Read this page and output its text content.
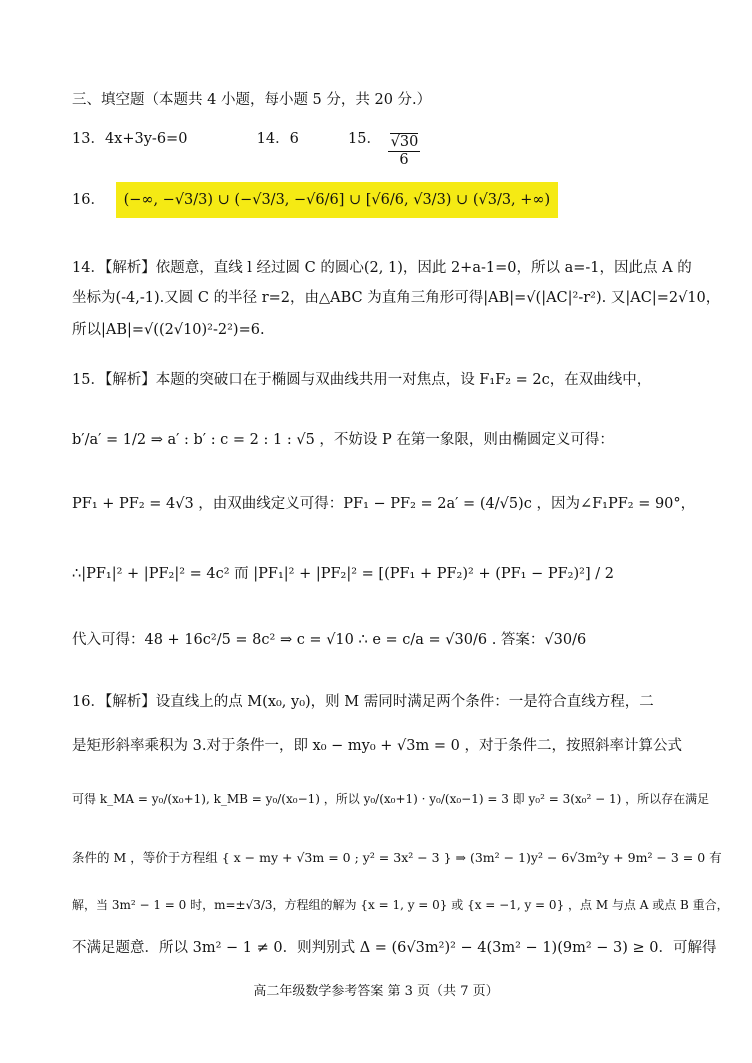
三、填空题（本题共 4 小题，每小题 5 分，共 20 分.）
13．4x+3y-6=0	14．6	15．
√ $\frac{30}{6}$
16． (−∞, −√3/3) ∪ (−√3/3, −√6/6] ∪ [√6/6, √3/3) ∪ (√3/3, +∞)
14．【解析】依题意，直线 l 经过圆 C 的圆心(2, 1)，因此 2+a-1=0，所以 a=-1，因此点 A 的
坐标为(-4,-1).又圆 C 的半径 r=2，由△ABC 为直角三角形可得|AB|=√(|AC|²-r²). 又|AC|=2√10，
所以|AB|=√((2√10)²-2²)=6.
15．【解析】本题的突破口在于椭圆与双曲线共用一对焦点，设 F₁F₂ = 2c，在双曲线中，
b′/a′ = 1/2 ⇒ a′ : b′ : c = 2 : 1 : √5 ，不妨设 P 在第一象限，则由椭圆定义可得：
PF₁ + PF₂ = 4√3 ，由双曲线定义可得：PF₁ − PF₂ = 2a′ = (4/√5)c ，因为∠F₁PF₂ = 90°，
∴|PF₁|² + |PF₂|² = 4c² 而 |PF₁|² + |PF₂|² = [(PF₁ + PF₂)² + (PF₁ − PF₂)²] / 2
代入可得：48 + 16c²/5 = 8c² ⇒ c = √10 ∴ e = c/a = √30/6 . 答案：√30/6
16．【解析】设直线上的点 M(x₀, y₀)，则 M 需同时满足两个条件：一是符合直线方程，二
是矩形斜率乘积为 3.对于条件一，即 x₀ − my₀ + √3m = 0 ，对于条件二，按照斜率计算公式
可得 k_MA = y₀/(x₀+1), k_MB = y₀/(x₀−1) ，所以 y₀/(x₀+1) · y₀/(x₀−1) = 3 即 y₀² = 3(x₀² − 1) ，所以存在满足
条件的 M ，等价于方程组 { x − my + √3m = 0 ; y² = 3x² − 3 } ⇒ (3m² − 1)y² − 6√3m²y + 9m² − 3 = 0 有
解，当 3m² − 1 = 0 时，m=±√3/3，方程组的解为 {x = 1, y = 0} 或 {x = −1, y = 0} ，点 M 与点 A 或点 B 重合，
不满足题意．所以 3m² − 1 ≠ 0．则判别式 Δ = (6√3m²)² − 4(3m² − 1)(9m² − 3) ≥ 0．可解得
高二年级数学参考答案 第 3 页（共 7 页）
